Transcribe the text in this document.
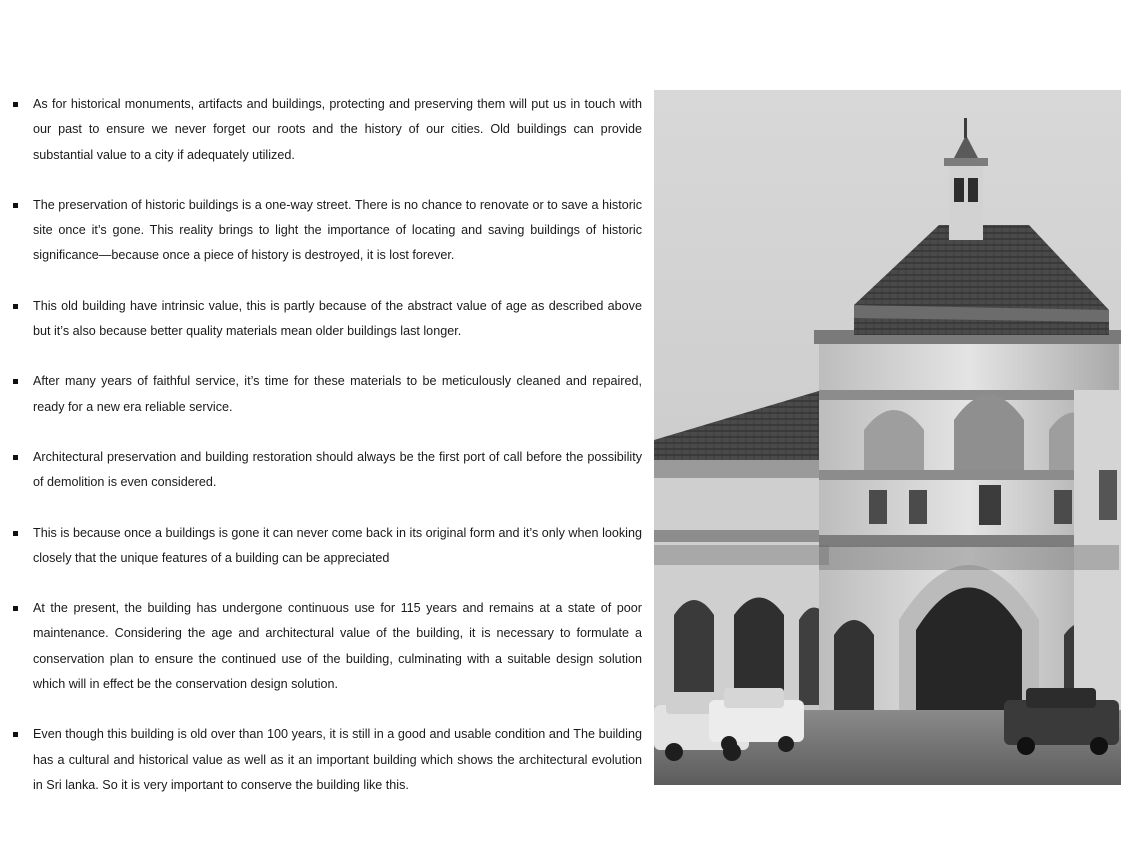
As for historical monuments, artifacts and buildings, protecting and preserving them will put us in touch with our past to ensure we never forget our roots and the history of our cities. Old buildings can provide substantial value to a city if adequately utilized.
The preservation of historic buildings is a one-way street. There is no chance to renovate or to save a historic site once it’s gone. This reality brings to light the importance of locating and saving buildings of historic significance—because once a piece of history is destroyed, it is lost forever.
This old building have intrinsic value, this is partly because of the abstract value of age as described above but it’s also because better quality materials mean older buildings last longer.
After many years of faithful service, it’s time for these materials to be meticulously cleaned and repaired, ready for a new era reliable service.
Architectural preservation and building restoration should always be the first port of call before the possibility of demolition is even considered.
This is because once a buildings is gone it can never come back in its original form and it’s only when looking closely that the unique features of a building can be appreciated
At the present, the building has undergone continuous use for 115 years and remains at a state of poor maintenance. Considering the age and architectural value of the building, it is necessary to formulate a conservation plan to ensure the continued use of the building, culminating with a suitable design solution which will in effect be the conservation design solution.
Even though this building is old over than 100 years, it is still in a good and usable condition and The building has a cultural and historical value as well as it an important building which shows the architectural evolution in Sri lanka. So it is very important to conserve the building like this.
